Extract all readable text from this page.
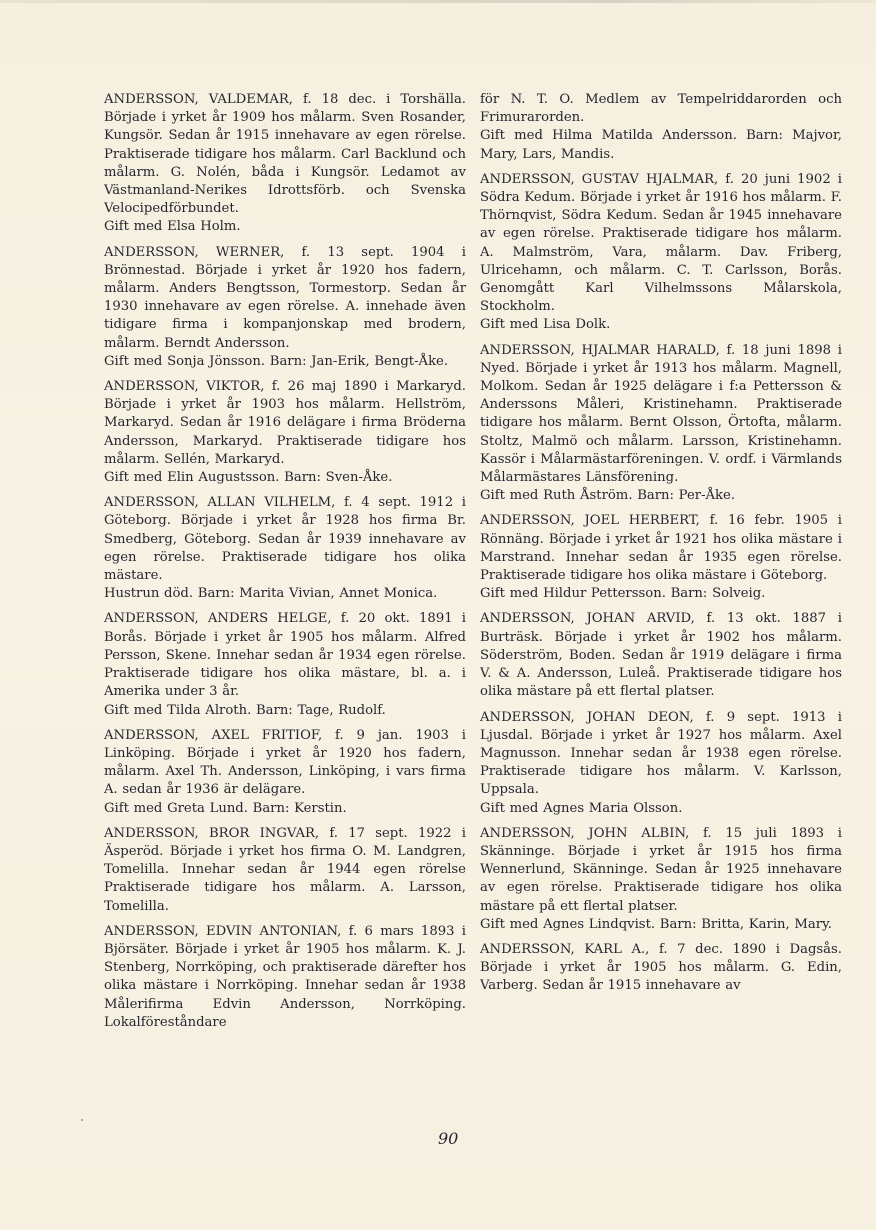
ANDERSSON, VALDEMAR, f. 18 dec. i Torshälla. Började i yrket år 1909 hos målarm. Sven Rosander, Kungsör. Sedan år 1915 innehavare av egen rörelse. Praktiserade tidigare hos målarm. Carl Backlund och målarm. G. Nolén, båda i Kungsör. Ledamot av Västmanland-Nerikes Idrottsförb. och Svenska Velocipedförbundet.

Gift med Elsa Holm.

ANDERSSON, WERNER, f. 13 sept. 1904 i Brönnestad. Började i yrket år 1920 hos fadern, målarm. Anders Bengtsson, Tormestorp. Sedan år 1930 innehavare av egen rörelse. A. innehade även tidigare firma i kompanjonskap med brodern, målarm. Berndt Andersson.

Gift med Sonja Jönsson. Barn: Jan-Erik, Bengt-Åke.

ANDERSSON, VIKTOR, f. 26 maj 1890 i Markaryd. Började i yrket år 1903 hos målarm. Hellström, Markaryd. Sedan år 1916 delägare i firma Bröderna Andersson, Markaryd. Praktiserade tidigare hos målarm. Sellén, Markaryd.

Gift med Elin Augustsson. Barn: Sven-Åke.

ANDERSSON, ALLAN VILHELM, f. 4 sept. 1912 i Göteborg. Började i yrket år 1928 hos firma Br. Smedberg, Göteborg. Sedan år 1939 innehavare av egen rörelse. Praktiserade tidigare hos olika mästare.

Hustrun död. Barn: Marita Vivian, Annet Monica.

ANDERSSON, ANDERS HELGE, f. 20 okt. 1891 i Borås. Började i yrket år 1905 hos målarm. Alfred Persson, Skene. Innehar sedan år 1934 egen rörelse. Praktiserade tidigare hos olika mästare, bl. a. i Amerika under 3 år.

Gift med Tilda Alroth. Barn: Tage, Rudolf.

ANDERSSON, AXEL FRITIOF, f. 9 jan. 1903 i Linköping. Började i yrket år 1920 hos fadern, målarm. Axel Th. Andersson, Linköping, i vars firma A. sedan år 1936 är delägare.

Gift med Greta Lund. Barn: Kerstin.

ANDERSSON, BROR INGVAR, f. 17 sept. 1922 i Äsperöd. Började i yrket hos firma O. M. Landgren, Tomelilla. Innehar sedan år 1944 egen rörelse Praktiserade tidigare hos målarm. A. Larsson, Tomelilla.

ANDERSSON, EDVIN ANTONIAN, f. 6 mars 1893 i Björsäter. Började i yrket år 1905 hos målarm. K. J. Stenberg, Norrköping, och praktiserade därefter hos olika mästare i Norrköping. Innehar sedan år 1938 Målerifirma Edvin Andersson, Norrköping. Lokalföreståndare

för N. T. O. Medlem av Tempelriddarorden och Frimurarorden.

Gift med Hilma Matilda Andersson. Barn: Majvor, Mary, Lars, Mandis.

ANDERSSON, GUSTAV HJALMAR, f. 20 juni 1902 i Södra Kedum. Började i yrket år 1916 hos målarm. F. Thörnqvist, Södra Kedum. Sedan år 1945 innehavare av egen rörelse. Praktiserade tidigare hos målarm. A. Malmström, Vara, målarm. Dav. Friberg, Ulricehamn, och målarm. C. T. Carlsson, Borås. Genomgått Karl Vilhelmssons Målarskola, Stockholm.

Gift med Lisa Dolk.

ANDERSSON, HJALMAR HARALD, f. 18 juni 1898 i Nyed. Började i yrket år 1913 hos målarm. Magnell, Molkom. Sedan år 1925 delägare i f:a Pettersson & Anderssons Måleri, Kristinehamn. Praktiserade tidigare hos målarm. Bernt Olsson, Örtofta, målarm. Stoltz, Malmö och målarm. Larsson, Kristinehamn. Kassör i Målarmästarföreningen. V. ordf. i Värmlands Målarmästares Länsförening.

Gift med Ruth Åström. Barn: Per-Åke.

ANDERSSON, JOEL HERBERT, f. 16 febr. 1905 i Rönnäng. Började i yrket år 1921 hos olika mästare i Marstrand. Innehar sedan år 1935 egen rörelse. Praktiserade tidigare hos olika mästare i Göteborg.

Gift med Hildur Pettersson. Barn: Solveig.

ANDERSSON, JOHAN ARVID, f. 13 okt. 1887 i Burträsk. Började i yrket år 1902 hos målarm. Söderström, Boden. Sedan år 1919 delägare i firma V. & A. Andersson, Luleå. Praktiserade tidigare hos olika mästare på ett flertal platser.

ANDERSSON, JOHAN DEON, f. 9 sept. 1913 i Ljusdal. Började i yrket år 1927 hos målarm. Axel Magnusson. Innehar sedan år 1938 egen rörelse. Praktiserade tidigare hos målarm. V. Karlsson, Uppsala.

Gift med Agnes Maria Olsson.

ANDERSSON, JOHN ALBIN, f. 15 juli 1893 i Skänninge. Började i yrket år 1915 hos firma Wennerlund, Skänninge. Sedan år 1925 innehavare av egen rörelse. Praktiserade tidigare hos olika mästare på ett flertal platser.

Gift med Agnes Lindqvist. Barn: Britta, Karin, Mary.

ANDERSSON, KARL A., f. 7 dec. 1890 i Dagsås. Började i yrket år 1905 hos målarm. G. Edin, Varberg. Sedan år 1915 innehavare av

90
